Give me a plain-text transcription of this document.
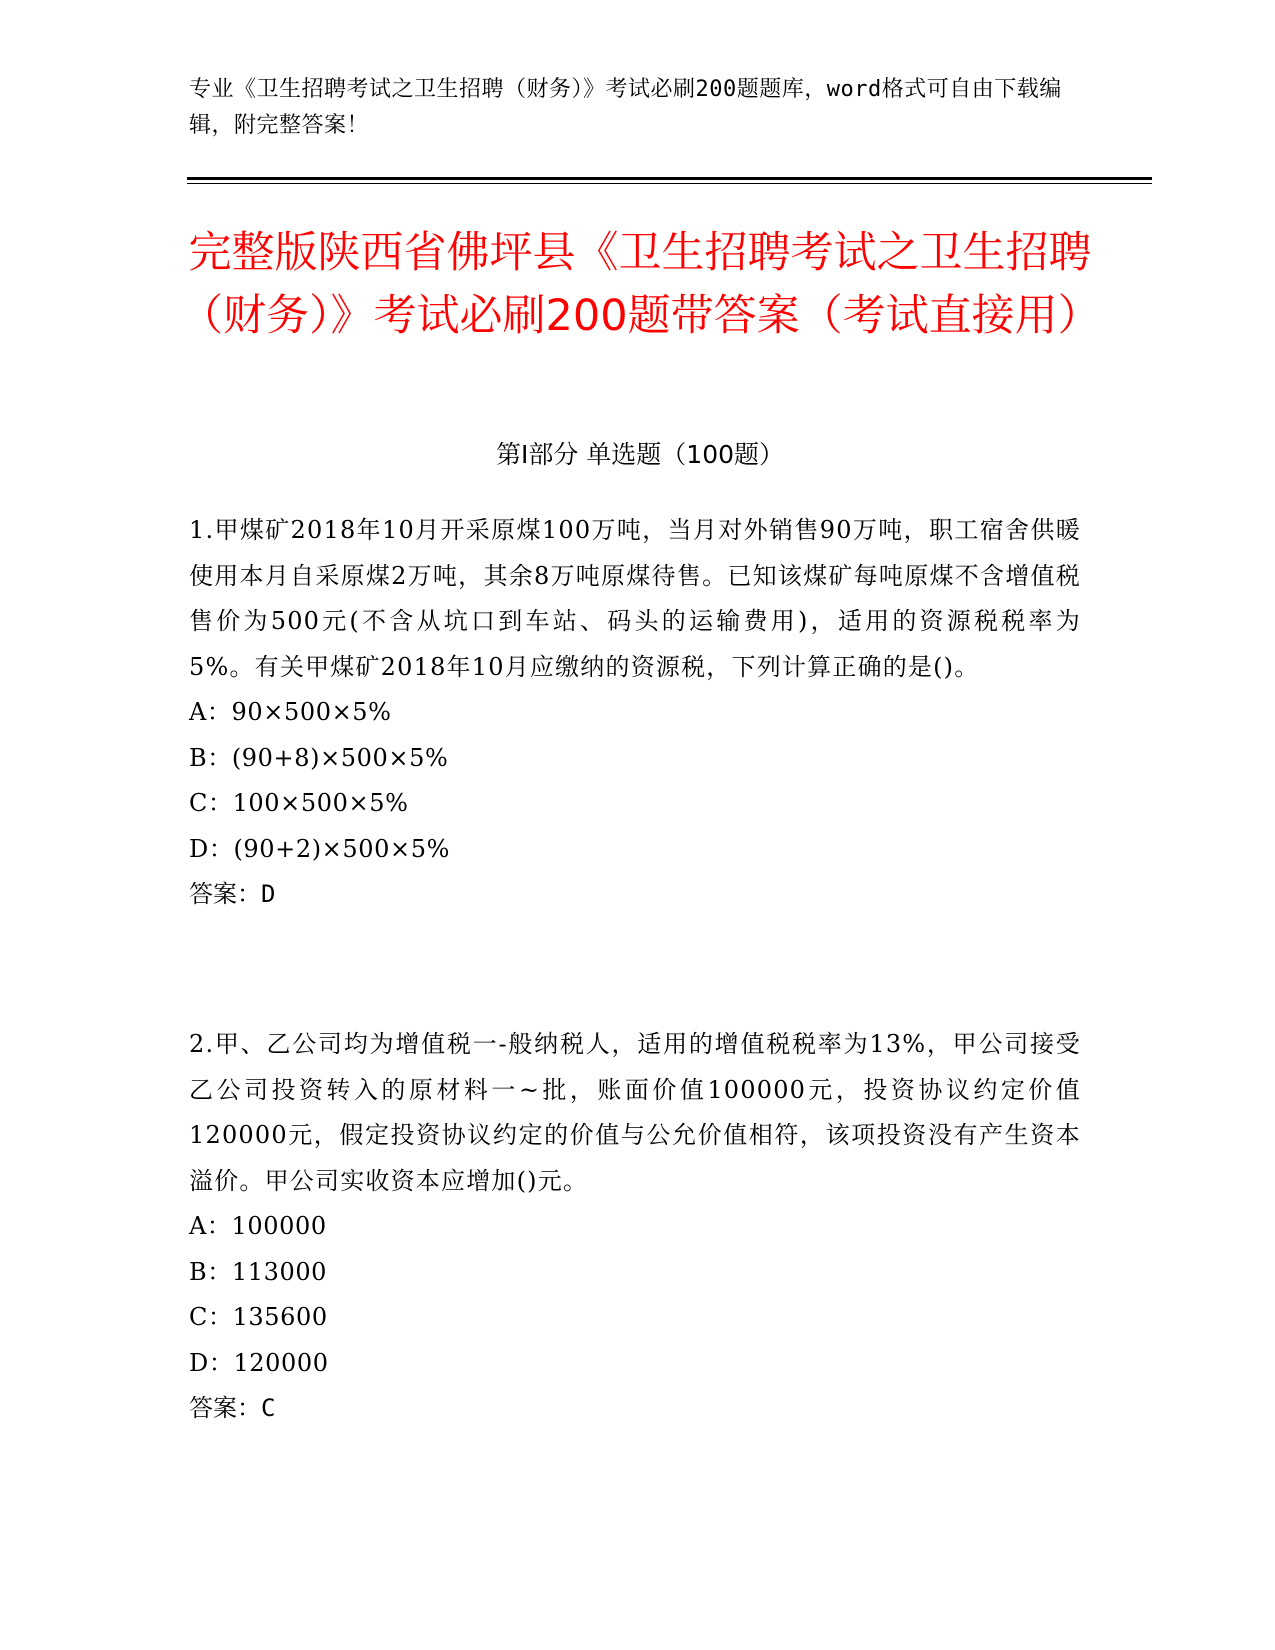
专业《卫生招聘考试之卫生招聘（财务）》考试必刷200题题库，word格式可自由下载编辑，附完整答案！
完整版陕西省佛坪县《卫生招聘考试之卫生招聘（财务）》考试必刷200题带答案（考试直接用）
第Ⅰ部分 单选题（100题）

1.甲煤矿2018年10月开采原煤100万吨，当月对外销售90万吨，职工宿舍供暖使用本月自采原煤2万吨，其余8万吨原煤待售。已知该煤矿每吨原煤不含增值税售价为500元(不含从坑口到车站、码头的运输费用)，适用的资源税税率为5%。有关甲煤矿2018年10月应缴纳的资源税，下列计算正确的是()。

A：90×500×5%

B：(90+8)×500×5%

C：100×500×5%

D：(90+2)×500×5%

答案：D

2.甲、乙公司均为增值税一-般纳税人，适用的增值税税率为13%，甲公司接受乙公司投资转入的原材料一~批，账面价值100000元，投资协议约定价值120000元，假定投资协议约定的价值与公允价值相符，该项投资没有产生资本溢价。甲公司实收资本应增加()元。

A：100000

B：113000

C：135600

D：120000

答案：C
